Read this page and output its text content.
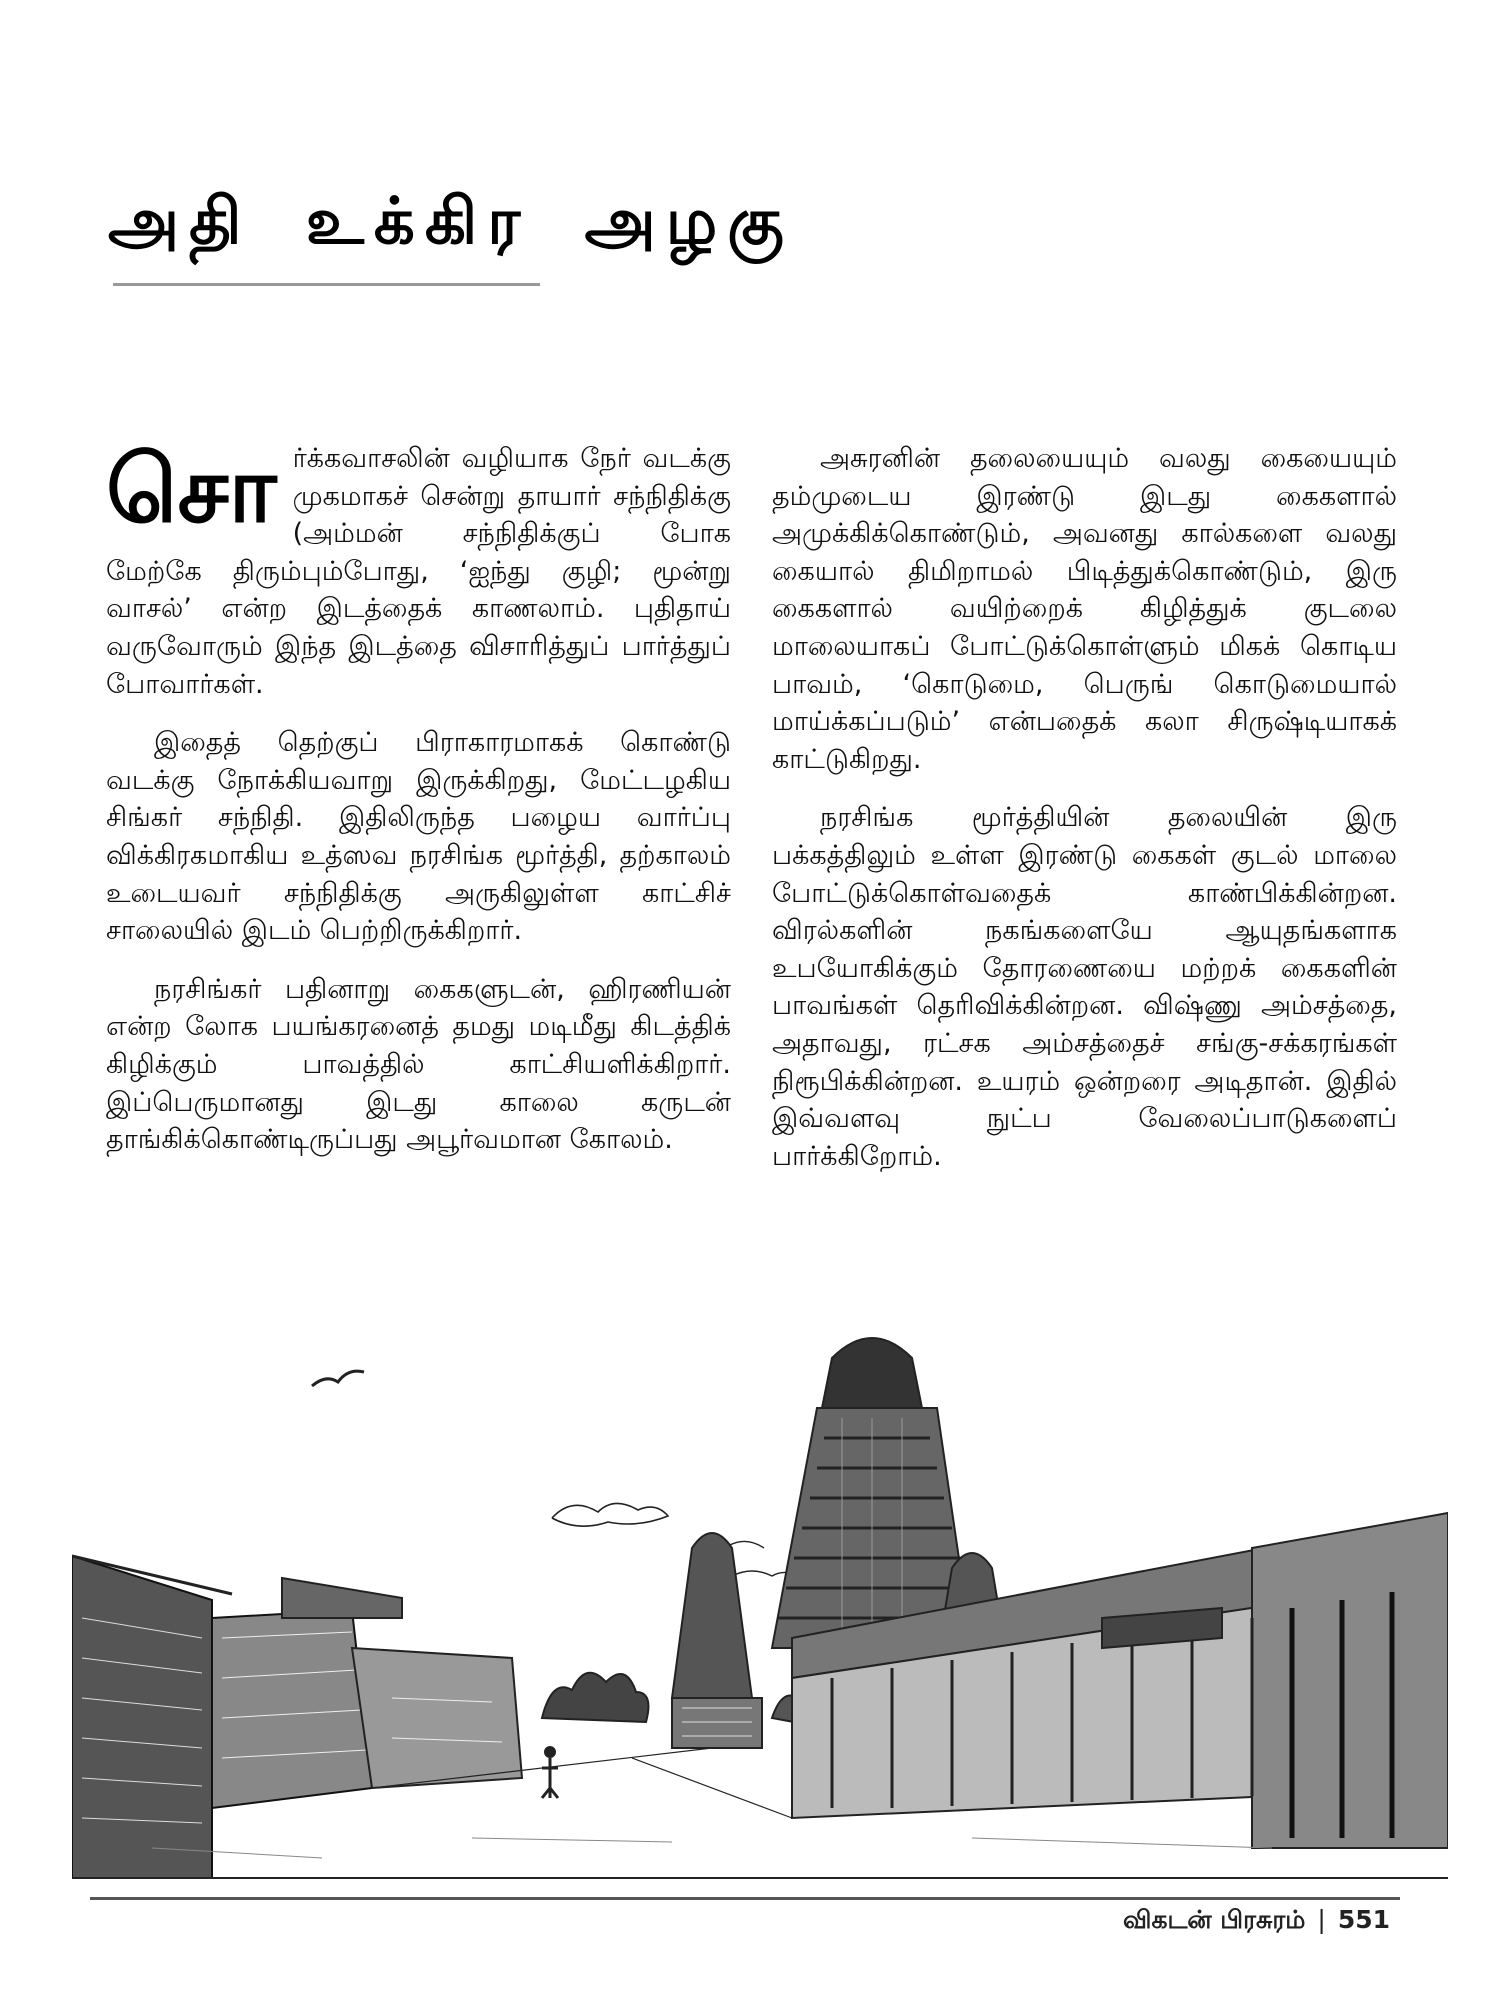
அதி உக்கிர அழகு

சொர்க்கவாசலின் வழியாக நேர் வடக்கு முகமாகச் சென்று தாயார் சந்நிதிக்கு (அம்மன் சந்நிதிக்குப் போக மேற்கே திரும்பும்போது, ‘ஐந்து குழி; மூன்று வாசல்’ என்ற இடத்தைக் காணலாம். புதிதாய் வருவோரும் இந்த இடத்தை விசாரித்துப் பார்த்துப் போவார்கள்.

இதைத் தெற்குப் பிராகாரமாகக் கொண்டு வடக்கு நோக்கியவாறு இருக்கிறது, மேட்டழகிய சிங்கர் சந்நிதி. இதிலிருந்த பழைய வார்ப்பு விக்கிரகமாகிய உத்ஸவ நரசிங்க மூர்த்தி, தற்காலம் உடையவர் சந்நிதிக்கு அருகிலுள்ள காட்சிச் சாலையில் இடம் பெற்றிருக்கிறார்.

நரசிங்கர் பதினாறு கைகளுடன், ஹிரணியன் என்ற லோக பயங்கரனைத் தமது மடிமீது கிடத்திக் கிழிக்கும் பாவத்தில் காட்சியளிக்கிறார். இப்பெருமானது இடது காலை கருடன் தாங்கிக்கொண்டிருப்பது அபூர்வமான கோலம்.

அசுரனின் தலையையும் வலது கையையும் தம்முடைய இரண்டு இடது கைகளால் அமுக்கிக்கொண்டும், அவனது கால்களை வலது கையால் திமிறாமல் பிடித்துக்கொண்டும், இரு கைகளால் வயிற்றைக் கிழித்துக் குடலை மாலையாகப் போட்டுக்கொள்ளும் மிகக் கொடிய பாவம், ‘கொடுமை, பெருங் கொடுமையால் மாய்க்கப்படும்’ என்பதைக் கலா சிருஷ்டியாகக் காட்டுகிறது.

நரசிங்க மூர்த்தியின் தலையின் இரு பக்கத்திலும் உள்ள இரண்டு கைகள் குடல் மாலை போட்டுக்கொள்வதைக் காண்பிக்கின்றன. விரல்களின் நகங்களையே ஆயுதங்களாக உபயோகிக்கும் தோரணையை மற்றக் கைகளின் பாவங்கள் தெரிவிக்கின்றன. விஷ்ணு அம்சத்தை, அதாவது, ரட்சக அம்சத்தைச் சங்கு-சக்கரங்கள் நிரூபிக்கின்றன. உயரம் ஒன்றரை அடிதான். இதில் இவ்வளவு நுட்ப வேலைப்பாடுகளைப் பார்க்கிறோம்.

விகடன் பிரசுரம் | 551
